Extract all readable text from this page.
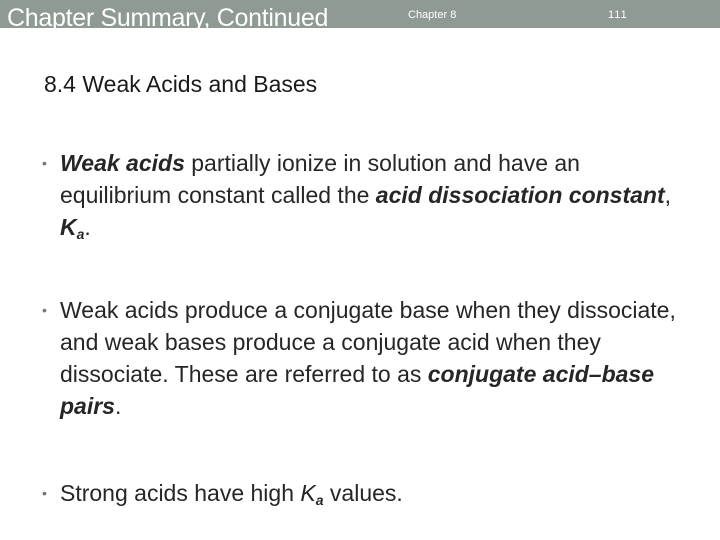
Chapter Summary, Continued	Chapter 8	111
8.4 Weak Acids and Bases
• Weak acids partially ionize in solution and have an equilibrium constant called the acid dissociation constant, $K_a$.
• Weak acids produce a conjugate base when they dissociate, and weak bases produce a conjugate acid when they dissociate. These are referred to as conjugate acid–base pairs.
• Strong acids have high $K_a$ values.
